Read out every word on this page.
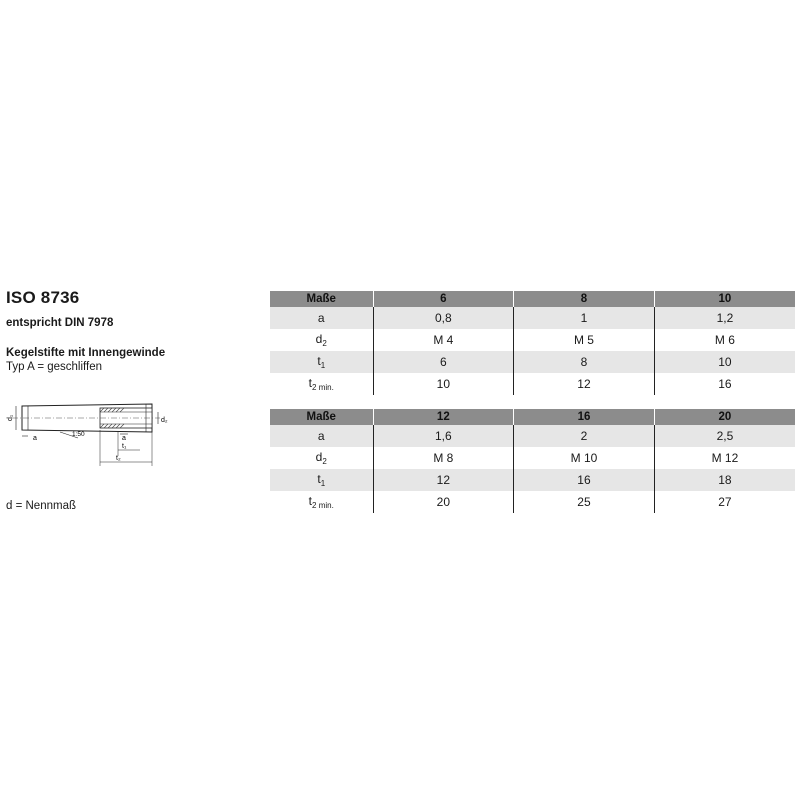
ISO 8736
entspricht DIN 7978
Kegelstifte mit Innengewinde
Typ A = geschliffen
d₁	d₂
a
1:50
a
t₁
t₂
d = Nennmaß
Maße	6	8	10
a	0,8	1	1,2
$d_2$	M 4	M 5	M 6
$t_1$	6	8	10
$t_{2 min.}$	10	12	16
Maße	12	16	20
a	1,6	2	2,5
$d_2$	M 8	M 10	M 12
$t_1$	12	16	18
$t_{2 min.}$	20	25	27
